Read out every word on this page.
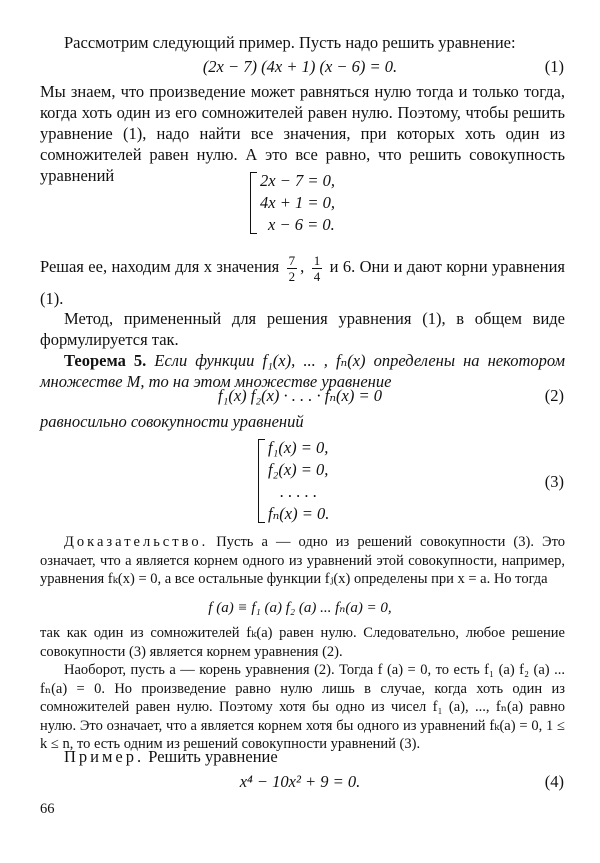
Рассмотрим следующий пример. Пусть надо решить уравнение:
(2x − 7) (4x + 1) (x − 6) = 0.	(1)
Мы знаем, что произведение может равняться нулю тогда и только тогда, когда хоть один из его сомножителей равен нулю. Поэтому, чтобы решить уравнение (1), надо найти все значения, при которых хоть один из сомножителей равен нулю. А это все равно, что решить совокупность уравнений	2x − 7 = 0,
4x + 1 = 0,
x − 6 = 0.
Решая ее, находим для x значения $\frac{7}{2}$ , $\frac{1}{4}$ и 6. Они и дают корни уравнения (1).
Метод, примененный для решения уравнения (1), в общем виде формулируется так.
Теорема 5. Если функции f₁(x), ... , fₙ(x) определены на некотором множестве M, то на этом множестве уравнение
f₁(x) f₂(x) · . . . · fₙ(x) = 0	(2)
равносильно совокупности уравнений
f₁(x) = 0,
f₂(x) = 0,
. . . . .
fₙ(x) = 0.
(3)
Доказательство. Пусть a — одно из решений совокупности (3). Это означает, что a является корнем одного из уравнений этой совокупности, например, уравнения fₖ(x) = 0, а все остальные функции fⱼ(x) определены при x = a. Но тогда
f (a) ≡ f₁ (a) f₂ (a) ... fₙ(a) = 0,
так как один из сомножителей fₖ(a) равен нулю. Следовательно, любое решение совокупности (3) является корнем уравнения (2).
Наоборот, пусть a — корень уравнения (2). Тогда f (a) = 0, то есть f₁ (a) f₂ (a) ... fₙ(a) = 0. Но произведение равно нулю лишь в случае, когда хоть один из сомножителей равен нулю. Поэтому хотя бы одно из чисел f₁ (a), ..., fₙ(a) равно нулю. Это означает, что a является корнем хотя бы одного из уравнений fₖ(a) = 0, 1 ≤ k ≤ n, то есть одним из решений совокупности уравнений (3).
Пример. Решить уравнение
x⁴ − 10x² + 9 = 0.	(4)
66
